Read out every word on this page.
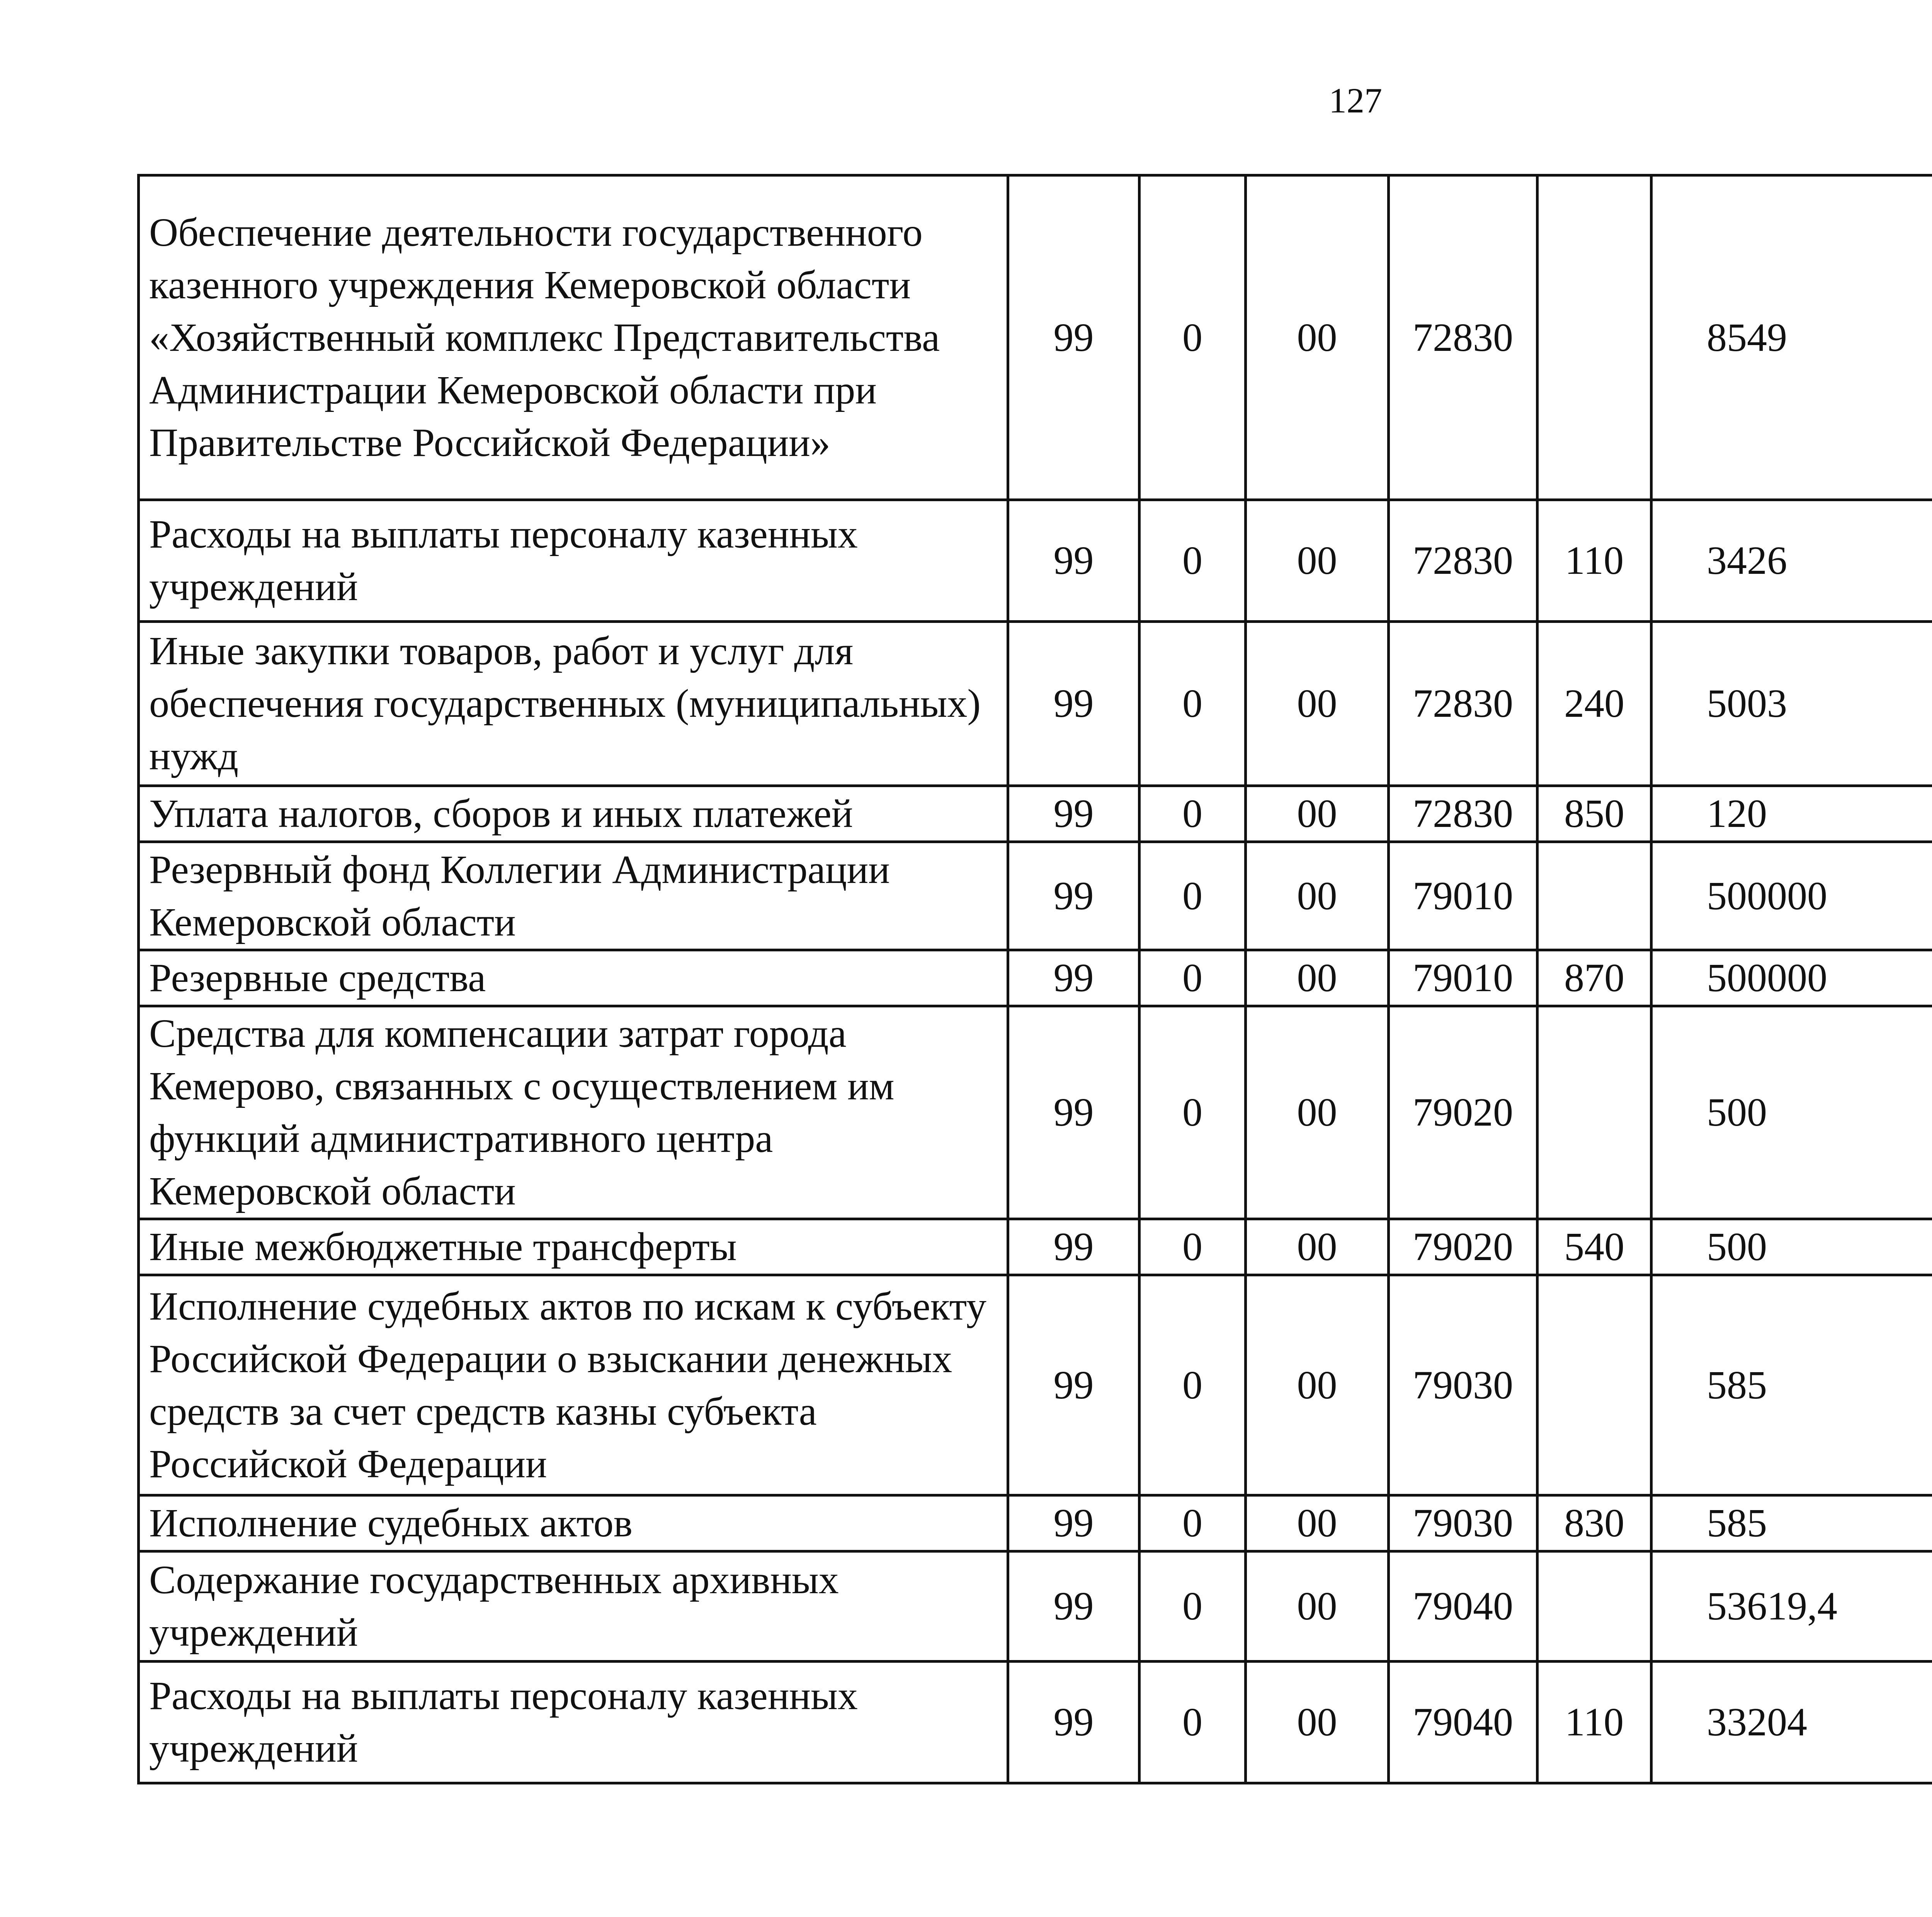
127
Обеспечение деятельности государственного казенного учреждения Кемеровской области «Хозяйственный комплекс Представительства Администрации Кемеровской области при Правительстве Российской Федерации»	99	0	00	72830		8549		
Расходы на выплаты персоналу казенных учреждений	99	0	00	72830	110	3426		
Иные закупки товаров, работ и услуг для обеспечения государственных (муниципальных) нужд	99	0	00	72830	240	5003		
Уплата налогов, сборов и иных платежей	99	0	00	72830	850	120		
Резервный фонд Коллегии Администрации Кемеровской области	99	0	00	79010		500000		
Резервные средства	99	0	00	79010	870	500000		
Средства для компенсации затрат города Кемерово, связанных с осуществлением им функций административного центра Кемеровской области	99	0	00	79020		500		
Иные межбюджетные трансферты	99	0	00	79020	540	500		
Исполнение судебных актов по искам к субъекту Российской Федерации о взыскании денежных средств за счет средств казны субъекта Российской Федерации	99	0	00	79030		585		
Исполнение судебных актов	99	0	00	79030	830	585		
Содержание государственных архивных учреждений	99	0	00	79040		53619,4		
Расходы на выплаты персоналу казенных учреждений	99	0	00	79040	110	33204		
